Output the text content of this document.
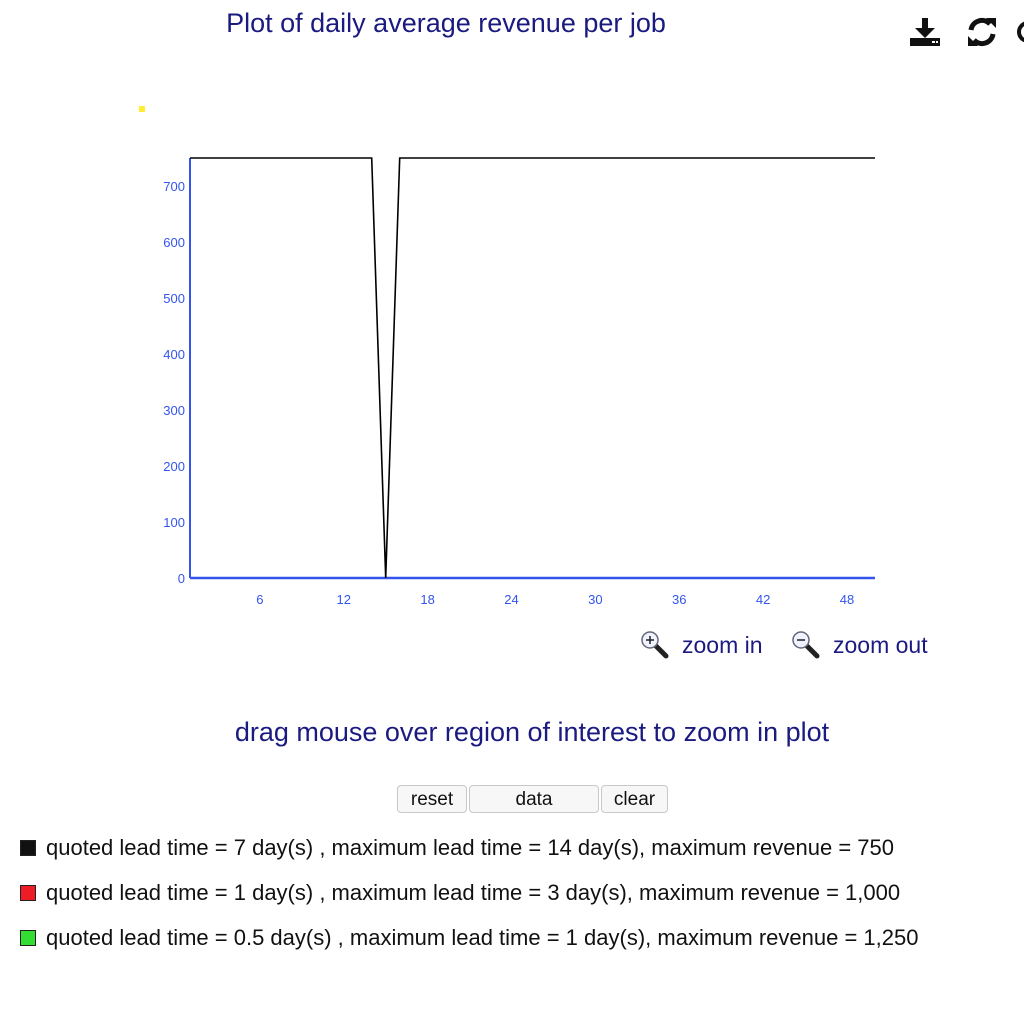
Plot of daily average revenue per job
0
100
200
300
400
500
600
700
6	12	18	24	30	36	42	48
zoom in	zoom out
drag mouse over region of interest to zoom in plot
reset	data	clear
quoted lead time = 7 day(s) , maximum lead time = 14 day(s), maximum revenue = 750
quoted lead time = 1 day(s) , maximum lead time = 3 day(s), maximum revenue = 1,000
quoted lead time = 0.5 day(s) , maximum lead time = 1 day(s), maximum revenue = 1,250
